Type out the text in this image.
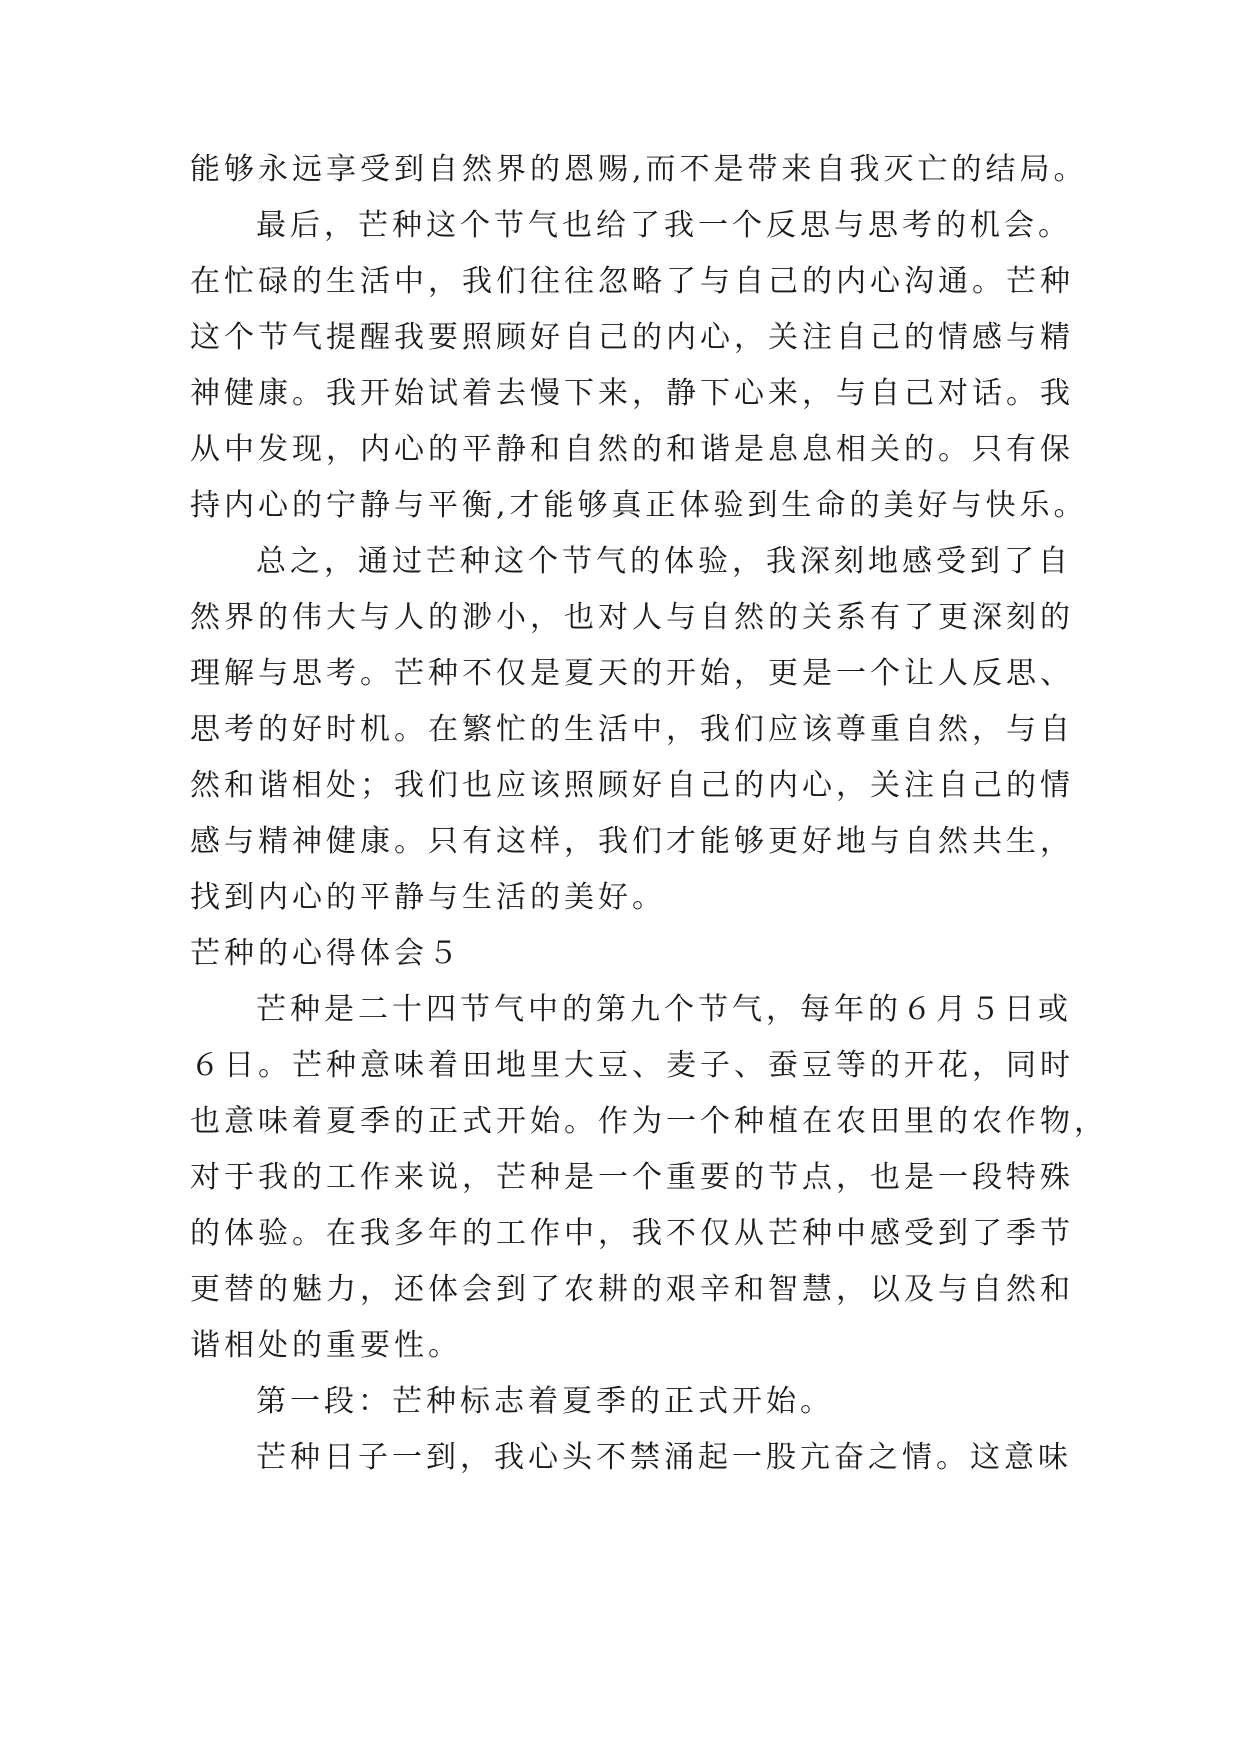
能够永远享受到自然界的恩赐,而不是带来自我灭亡的结局。
最后，芒种这个节气也给了我一个反思与思考的机会。
在忙碌的生活中，我们往往忽略了与自己的内心沟通。芒种
这个节气提醒我要照顾好自己的内心，关注自己的情感与精
神健康。我开始试着去慢下来，静下心来，与自己对话。我
从中发现，内心的平静和自然的和谐是息息相关的。只有保
持内心的宁静与平衡,才能够真正体验到生命的美好与快乐。
总之，通过芒种这个节气的体验，我深刻地感受到了自
然界的伟大与人的渺小，也对人与自然的关系有了更深刻的
理解与思考。芒种不仅是夏天的开始，更是一个让人反思、
思考的好时机。在繁忙的生活中，我们应该尊重自然，与自
然和谐相处；我们也应该照顾好自己的内心，关注自己的情
感与精神健康。只有这样，我们才能够更好地与自然共生，
找到内心的平静与生活的美好。
芒种的心得体会５
芒种是二十四节气中的第九个节气，每年的６月５日或
６日。芒种意味着田地里大豆、麦子、蚕豆等的开花，同时
也意味着夏季的正式开始。作为一个种植在农田里的农作物，
对于我的工作来说，芒种是一个重要的节点，也是一段特殊
的体验。在我多年的工作中，我不仅从芒种中感受到了季节
更替的魅力，还体会到了农耕的艰辛和智慧，以及与自然和
谐相处的重要性。
第一段：芒种标志着夏季的正式开始。
芒种日子一到，我心头不禁涌起一股亢奋之情。这意味
